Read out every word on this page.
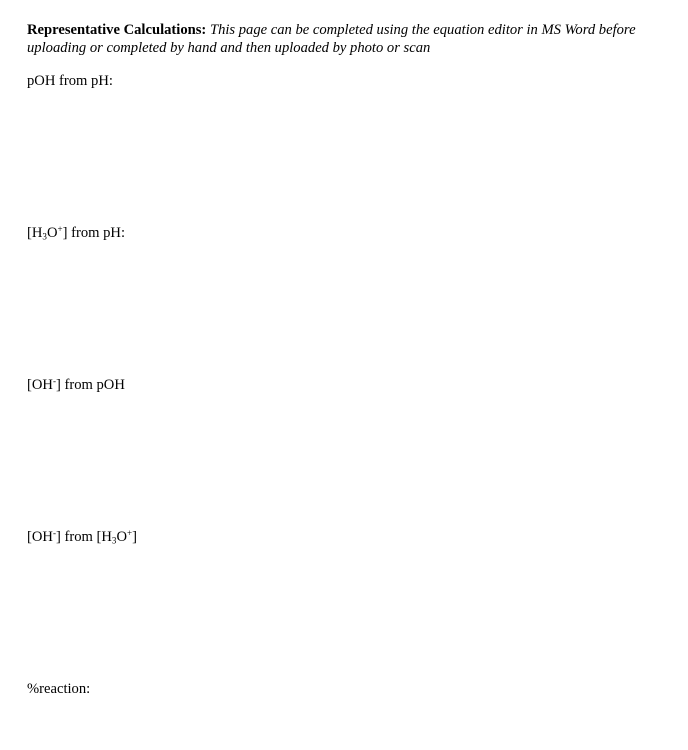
Representative Calculations: This page can be completed using the equation editor in MS Word before uploading or completed by hand and then uploaded by photo or scan
pOH from pH:
$[H_3O^+]$ from pH:
[OH-] from pOH
[OH-] from $[H_3O^+]$
%reaction:
